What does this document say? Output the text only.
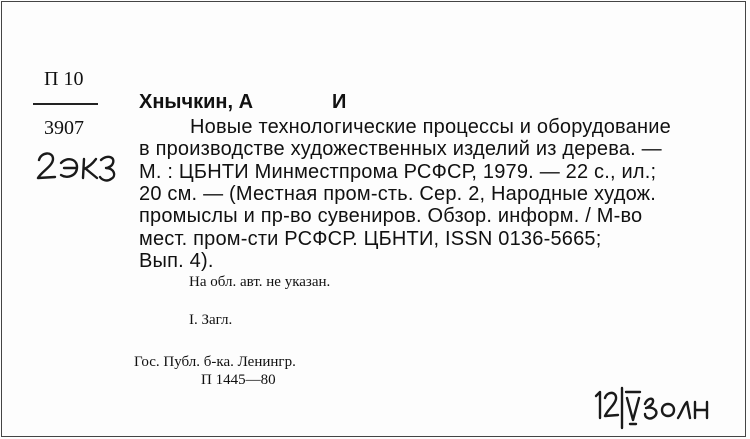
П 10
3907
Хнычкин, А	И
Новые технологические процессы и оборудование
в производстве художественных изделий из дерева. —
М. : ЦБНТИ Минместпрома РСФСР, 1979. — 22 с., ил.;
20 см. — (Местная пром-сть. Сер. 2, Народные худож.
промыслы и пр-во сувениров. Обзор. информ. / М-во
мест. пром-сти РСФСР. ЦБНТИ, ISSN 0136-5665;
Вып. 4).
На обл. авт. не указан.
I. Загл.
Гос. Публ. б-ка. Ленингр.
П 1445—80
